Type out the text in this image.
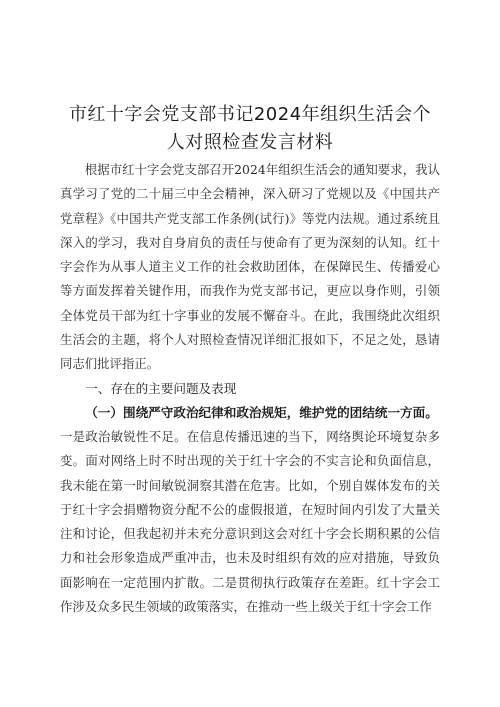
市红十字会党支部书记2024年组织生活会个
人对照检查发言材料
根据市红十字会党支部召开2024年组织生活会的通知要求，我认真学习了党的二十届三中全会精神，深入研习了党规以及《中国共产党章程》《中国共产党支部工作条例(试行)》等党内法规。通过系统且深入的学习，我对自身肩负的责任与使命有了更为深刻的认知。红十字会作为从事人道主义工作的社会救助团体，在保障民生、传播爱心等方面发挥着关键作用，而我作为党支部书记，更应以身作则，引领全体党员干部为红十字事业的发展不懈奋斗。在此，我围绕此次组织生活会的主题，将个人对照检查情况详细汇报如下，不足之处，恳请同志们批评指正。
一、存在的主要问题及表现
（一）围绕严守政治纪律和政治规矩，维护党的团结统一方面。
一是政治敏锐性不足。在信息传播迅速的当下，网络舆论环境复杂多变。面对网络上时不时出现的关于红十字会的不实言论和负面信息，我未能在第一时间敏锐洞察其潜在危害。比如，个别自媒体发布的关于红十字会捐赠物资分配不公的虚假报道，在短时间内引发了大量关注和讨论，但我起初并未充分意识到这会对红十字会长期积累的公信力和社会形象造成严重冲击，也未及时组织有效的应对措施，导致负面影响在一定范围内扩散。二是贯彻执行政策存在差距。红十字会工作涉及众多民生领域的政策落实，在推动一些上级关于红十字会工作
